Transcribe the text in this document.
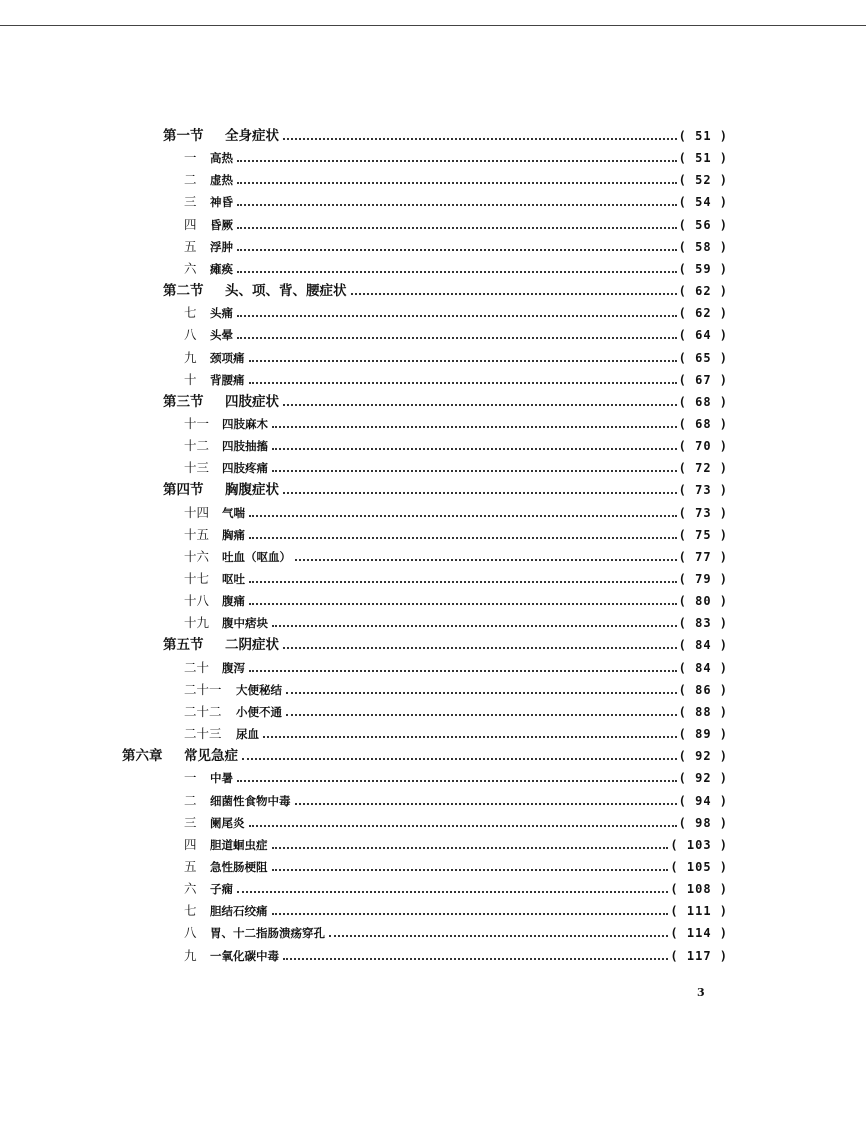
第一节	全身症状	( 51 )
一	高热	( 51 )
二	虚热	( 52 )
三	神昏	( 54 )
四	昏厥	( 56 )
五	浮肿	( 58 )
六	瘫痪	( 59 )
第二节	头、项、背、腰症状	( 62 )
七	头痛	( 62 )
八	头晕	( 64 )
九	颈项痛	( 65 )
十	背腰痛	( 67 )
第三节	四肢症状	( 68 )
十一	四肢麻木	( 68 )
十二	四肢抽搐	( 70 )
十三	四肢疼痛	( 72 )
第四节	胸腹症状	( 73 )
十四	气喘	( 73 )
十五	胸痛	( 75 )
十六	吐血（呕血）	( 77 )
十七	呕吐	( 79 )
十八	腹痛	( 80 )
十九	腹中痞块	( 83 )
第五节	二阴症状	( 84 )
二十	腹泻	( 84 )
二十一	大便秘结	( 86 )
二十二	小便不通	( 88 )
二十三	尿血	( 89 )
第六章	常见急症	( 92 )
一	中暑	( 92 )
二	细菌性食物中毒	( 94 )
三	阑尾炎	( 98 )
四	胆道蛔虫症	( 103 )
五	急性肠梗阻	( 105 )
六	子痫	( 108 )
七	胆结石绞痛	( 111 )
八	胃、十二指肠溃疡穿孔	( 114 )
九	一氧化碳中毒	( 117 )
3
